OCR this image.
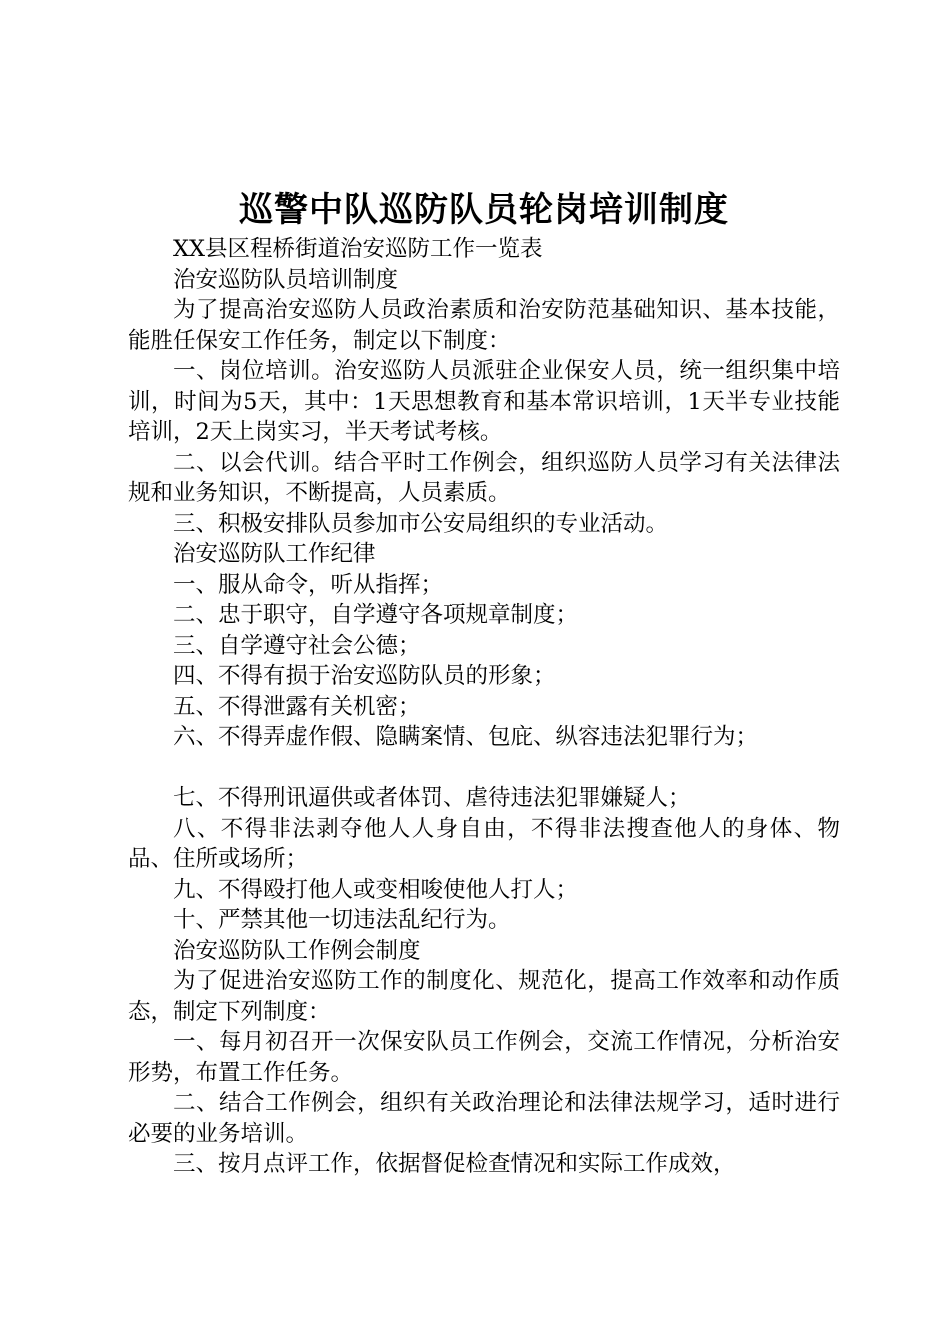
巡警中队巡防队员轮岗培训制度

XX县区程桥街道治安巡防工作一览表

治安巡防队员培训制度

为了提高治安巡防人员政治素质和治安防范基础知识、基本技能，能胜任保安工作任务，制定以下制度：

一、岗位培训。治安巡防人员派驻企业保安人员，统一组织集中培训，时间为5天，其中：1天思想教育和基本常识培训，1天半专业技能培训，2天上岗实习，半天考试考核。

二、以会代训。结合平时工作例会，组织巡防人员学习有关法律法规和业务知识，不断提高，人员素质。

三、积极安排队员参加市公安局组织的专业活动。

治安巡防队工作纪律

一、服从命令，听从指挥；

二、忠于职守，自学遵守各项规章制度；

三、自学遵守社会公德；

四、不得有损于治安巡防队员的形象；

五、不得泄露有关机密；

六、不得弄虚作假、隐瞒案情、包庇、纵容违法犯罪行为；

七、不得刑讯逼供或者体罚、虐待违法犯罪嫌疑人；

八、不得非法剥夺他人人身自由，不得非法搜查他人的身体、物品、住所或场所；

九、不得殴打他人或变相唆使他人打人；

十、严禁其他一切违法乱纪行为。

治安巡防队工作例会制度

为了促进治安巡防工作的制度化、规范化，提高工作效率和动作质态，制定下列制度：

一、每月初召开一次保安队员工作例会，交流工作情况，分析治安形势，布置工作任务。

二、结合工作例会，组织有关政治理论和法律法规学习，适时进行必要的业务培训。

三、按月点评工作，依据督促检查情况和实际工作成效，
